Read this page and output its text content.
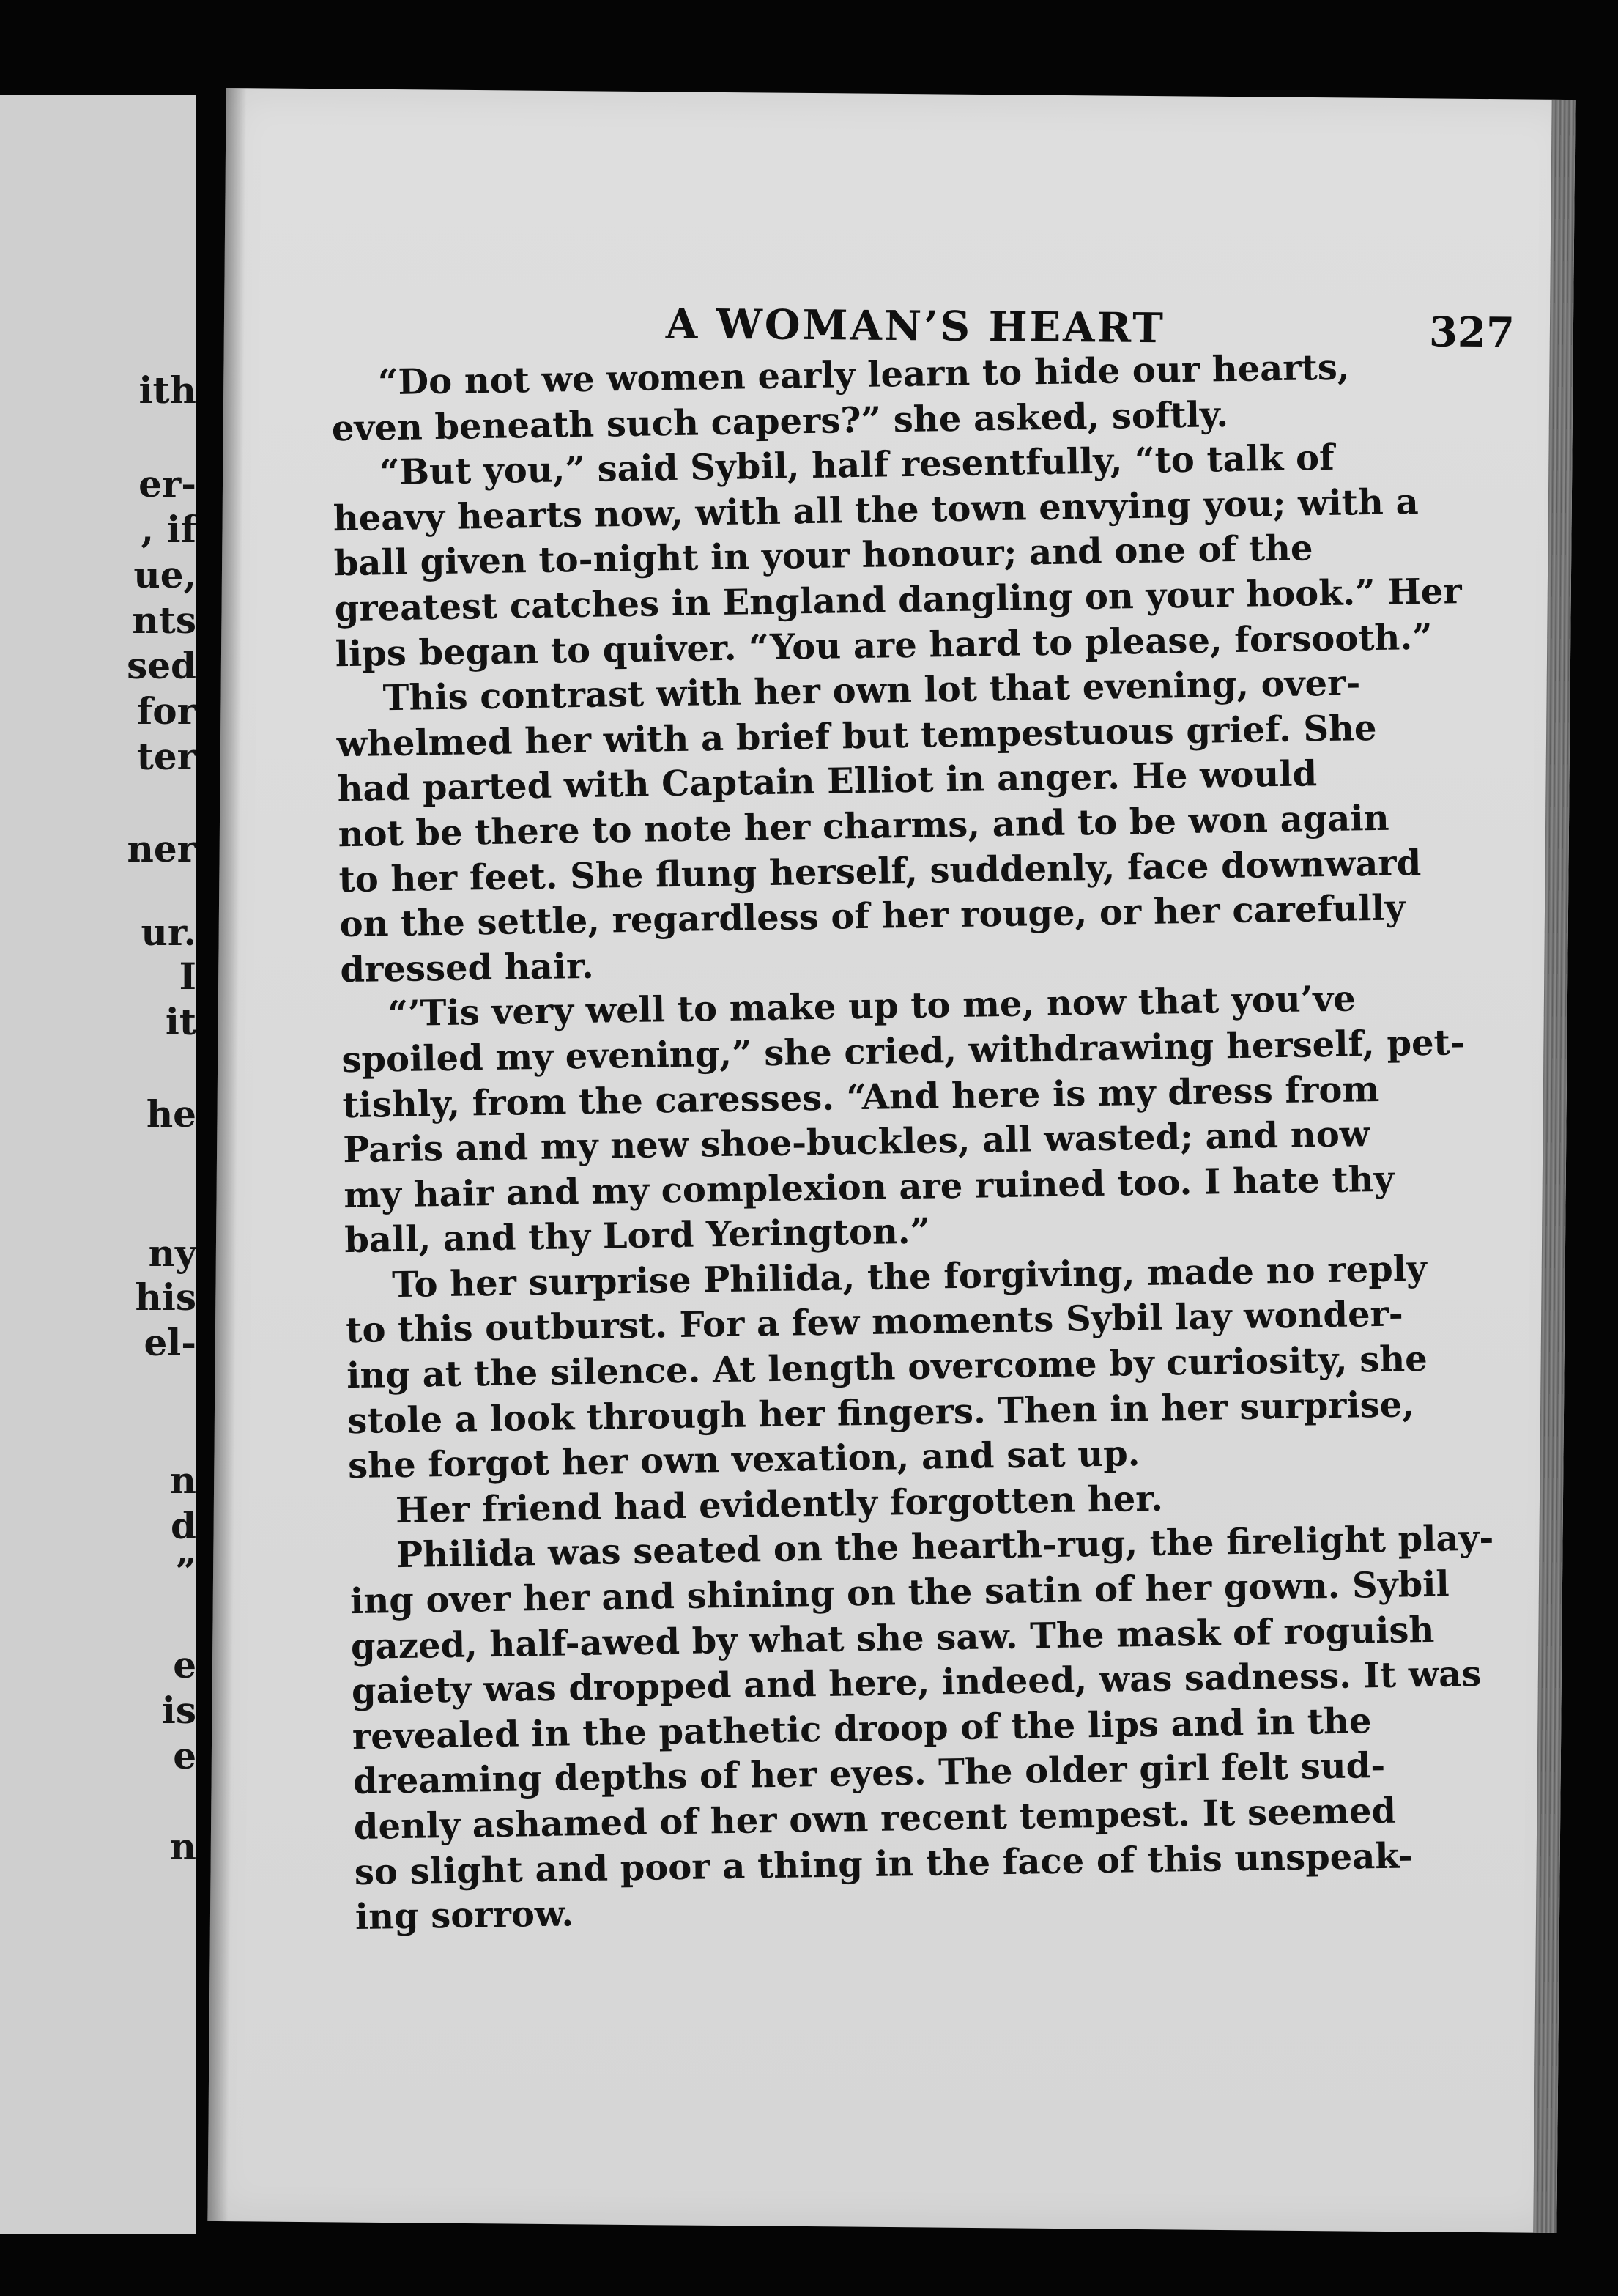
ith
er-
, if
ue,
nts
sed
for
ter
ner
ur.
I
it
he
ny
his
el-
n
d
”
e
is
e
n
A WOMAN’S HEART	327
“Do not we women early learn to hide our hearts,
even beneath such capers?” she asked, softly.
“But you,” said Sybil, half resentfully, “to talk of
heavy hearts now, with all the town envying you; with a
ball given to-night in your honour; and one of the
greatest catches in England dangling on your hook.” Her
lips began to quiver. “You are hard to please, forsooth.”
This contrast with her own lot that evening, over-
whelmed her with a brief but tempestuous grief. She
had parted with Captain Elliot in anger. He would
not be there to note her charms, and to be won again
to her feet. She flung herself, suddenly, face downward
on the settle, regardless of her rouge, or her carefully
dressed hair.
“’Tis very well to make up to me, now that you’ve
spoiled my evening,” she cried, withdrawing herself, pet-
tishly, from the caresses. “And here is my dress from
Paris and my new shoe-buckles, all wasted; and now
my hair and my complexion are ruined too. I hate thy
ball, and thy Lord Yerington.”
To her surprise Philida, the forgiving, made no reply
to this outburst. For a few moments Sybil lay wonder-
ing at the silence. At length overcome by curiosity, she
stole a look through her fingers. Then in her surprise,
she forgot her own vexation, and sat up.
Her friend had evidently forgotten her.
Philida was seated on the hearth-rug, the firelight play-
ing over her and shining on the satin of her gown. Sybil
gazed, half-awed by what she saw. The mask of roguish
gaiety was dropped and here, indeed, was sadness. It was
revealed in the pathetic droop of the lips and in the
dreaming depths of her eyes. The older girl felt sud-
denly ashamed of her own recent tempest. It seemed
so slight and poor a thing in the face of this unspeak-
ing sorrow.
